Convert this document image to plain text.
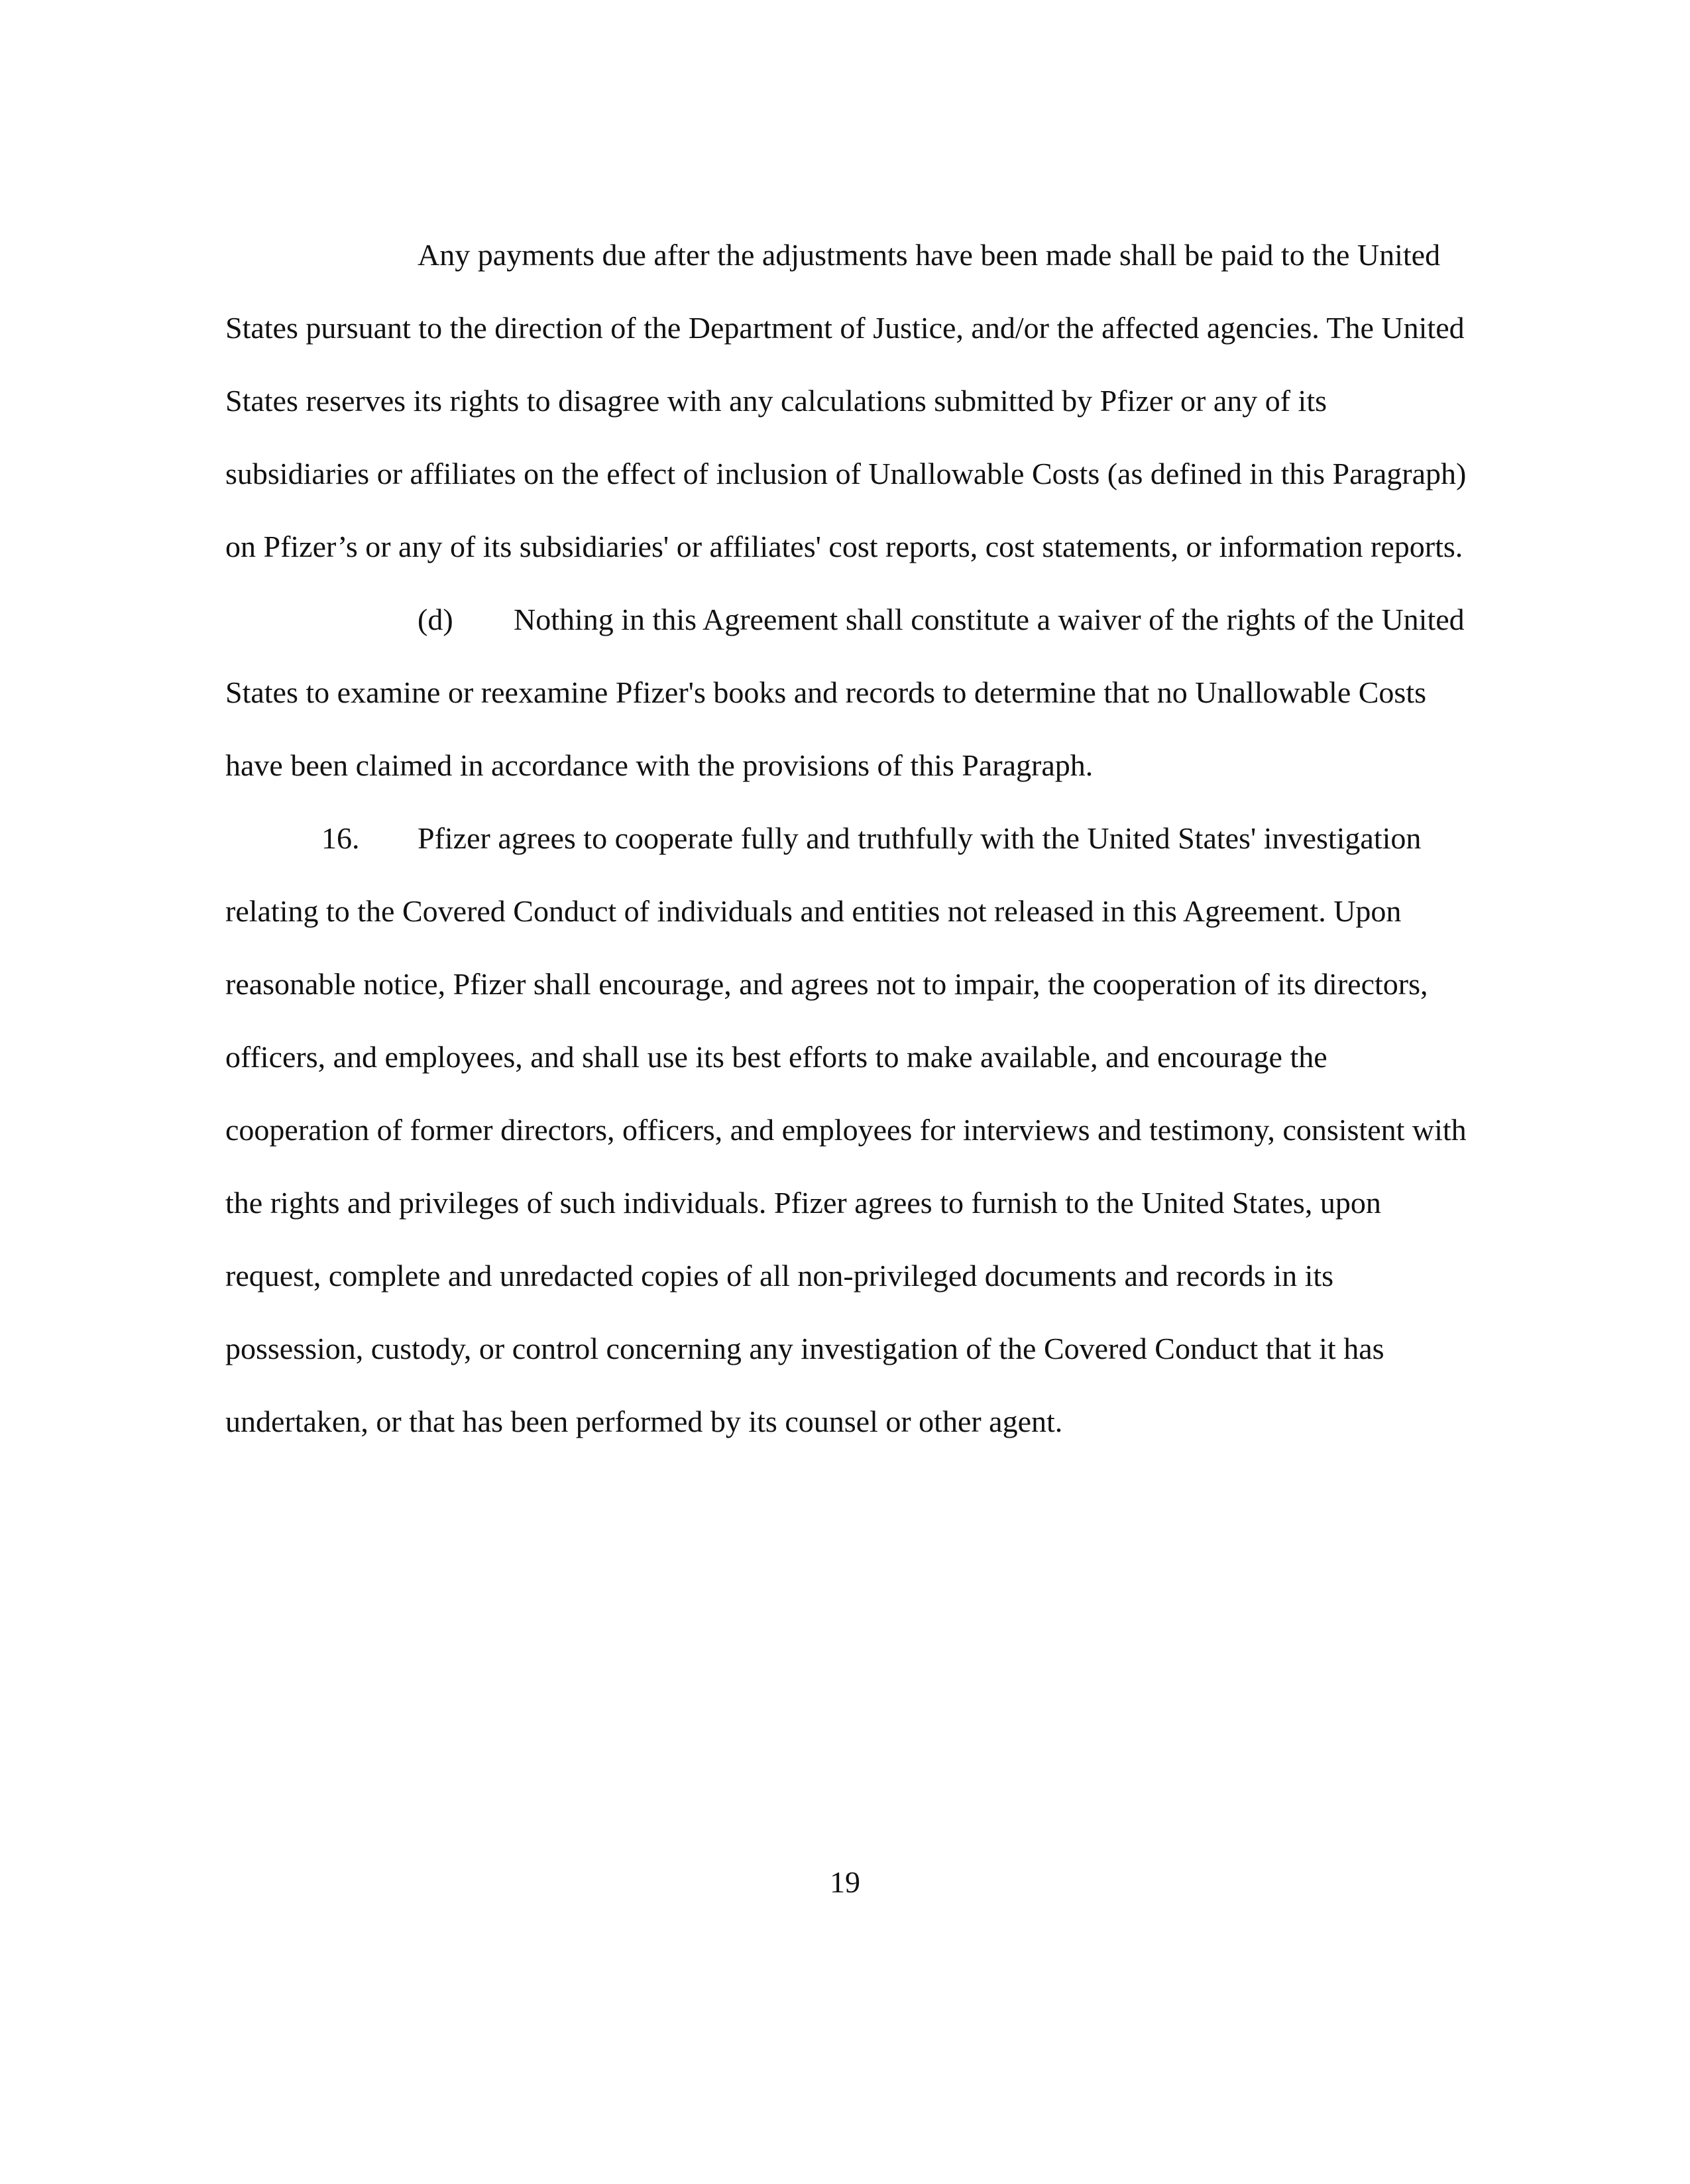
Any payments due after the adjustments have been made shall be paid to the United States pursuant to the direction of the Department of Justice, and/or the affected agencies. The United States reserves its rights to disagree with any calculations submitted by Pfizer or any of its subsidiaries or affiliates on the effect of inclusion of Unallowable Costs (as defined in this Paragraph) on Pfizer’s or any of its subsidiaries' or affiliates' cost reports, cost statements, or information reports.

(d) Nothing in this Agreement shall constitute a waiver of the rights of the United States to examine or reexamine Pfizer's books and records to determine that no Unallowable Costs have been claimed in accordance with the provisions of this Paragraph.

16. Pfizer agrees to cooperate fully and truthfully with the United States' investigation relating to the Covered Conduct of individuals and entities not released in this Agreement. Upon reasonable notice, Pfizer shall encourage, and agrees not to impair, the cooperation of its directors, officers, and employees, and shall use its best efforts to make available, and encourage the cooperation of former directors, officers, and employees for interviews and testimony, consistent with the rights and privileges of such individuals. Pfizer agrees to furnish to the United States, upon request, complete and unredacted copies of all non-privileged documents and records in its possession, custody, or control concerning any investigation of the Covered Conduct that it has undertaken, or that has been performed by its counsel or other agent.

19
